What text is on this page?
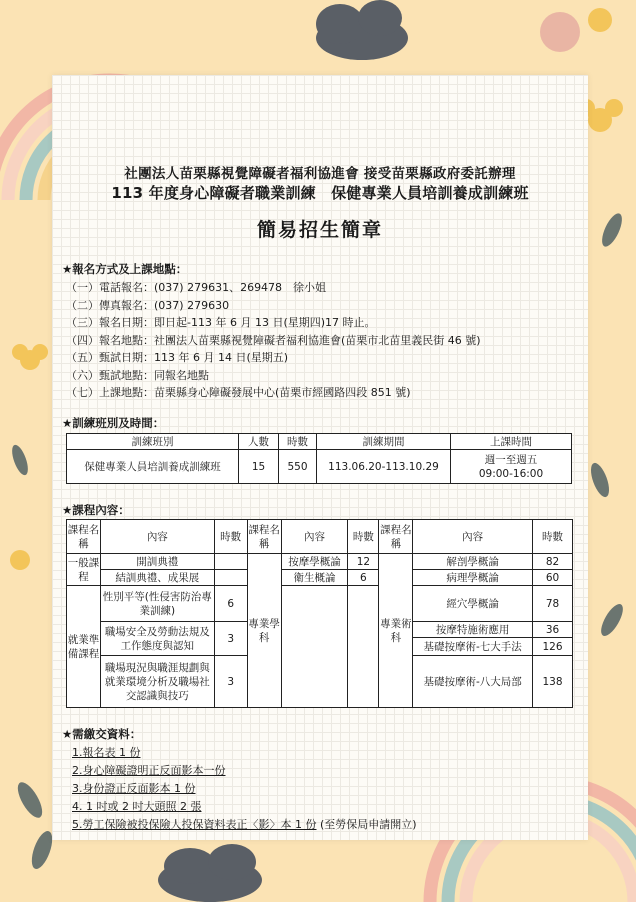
社團法人苗栗縣視覺障礙者福利協進會 接受苗栗縣政府委託辦理
113 年度身心障礙者職業訓練　保健專業人員培訓養成訓練班
簡易招生簡章
★報名方式及上課地點：
（一）電話報名：(037) 279631、269478　徐小姐
（二）傳真報名：(037) 279630
（三）報名日期：即日起-113 年 6 月 13 日(星期四)17 時止。
（四）報名地點：社團法人苗栗縣視覺障礙者福利協進會(苗栗市北苗里義民街 46 號)
（五）甄試日期：113 年 6 月 14 日(星期五)
（六）甄試地點：同報名地點
（七）上課地點：苗栗縣身心障礙發展中心(苗栗市經國路四段 851 號)
★訓練班別及時間：
訓練班別	人數	時數	訓練期間	上課時間
保健專業人員培訓養成訓練班	15	550	113.06.20-113.10.29	週一至週五
09:00-16:00
★課程內容：
課程名稱	內容	時數	課程名稱	內容	時數	課程名稱	內容	時數
一般課程	開訓典禮		專業學科	按摩學概論	12	專業術科	解剖學概論	82
	結訓典禮、成果展			衛生概論	6		病理學概論	60
就業準備課程	性別平等(性侵害防治專業訓練)	6					經穴學概論	78
	職場安全及勞動法規及工作態度與認知	3					按摩特施術應用	36
							基礎按摩術-七大手法	126
	職場現況與職涯規劃與就業環境分析及職場社交認識與技巧	3					基礎按摩術-八大局部	138
★需繳交資料：
1.報名表 1 份
2.身心障礙證明正反面影本一份
3.身份證正反面影本 1 份
4. 1 吋或 2 吋大頭照 2 張
5.勞工保險被投保險人投保資料表正〈影〉本 1 份 (至勞保局申請開立)
